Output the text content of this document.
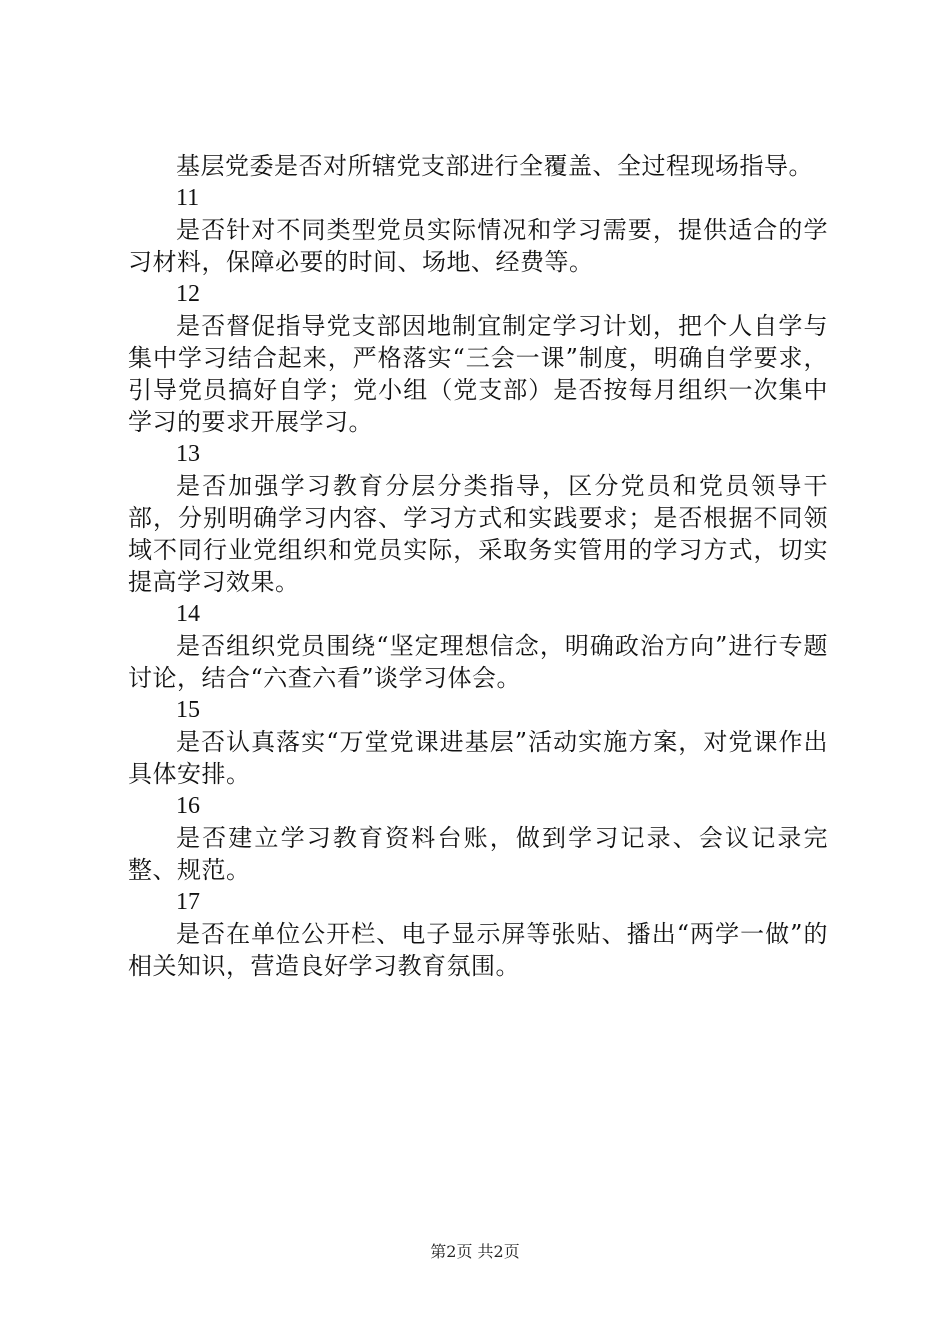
基层党委是否对所辖党支部进行全覆盖、全过程现场指导。

11

是否针对不同类型党员实际情况和学习需要，提供适合的学习材料，保障必要的时间、场地、经费等。

12

是否督促指导党支部因地制宜制定学习计划，把个人自学与集中学习结合起来，严格落实“三会一课”制度，明确自学要求，引导党员搞好自学；党小组（党支部）是否按每月组织一次集中学习的要求开展学习。

13

是否加强学习教育分层分类指导，区分党员和党员领导干部，分别明确学习内容、学习方式和实践要求；是否根据不同领域不同行业党组织和党员实际，采取务实管用的学习方式，切实提高学习效果。

14

是否组织党员围绕“坚定理想信念，明确政治方向”进行专题讨论，结合“六查六看”谈学习体会。

15

是否认真落实“万堂党课进基层”活动实施方案，对党课作出具体安排。

16

是否建立学习教育资料台账，做到学习记录、会议记录完整、规范。

17

是否在单位公开栏、电子显示屏等张贴、播出“两学一做”的相关知识，营造良好学习教育氛围。

第2页 共2页
